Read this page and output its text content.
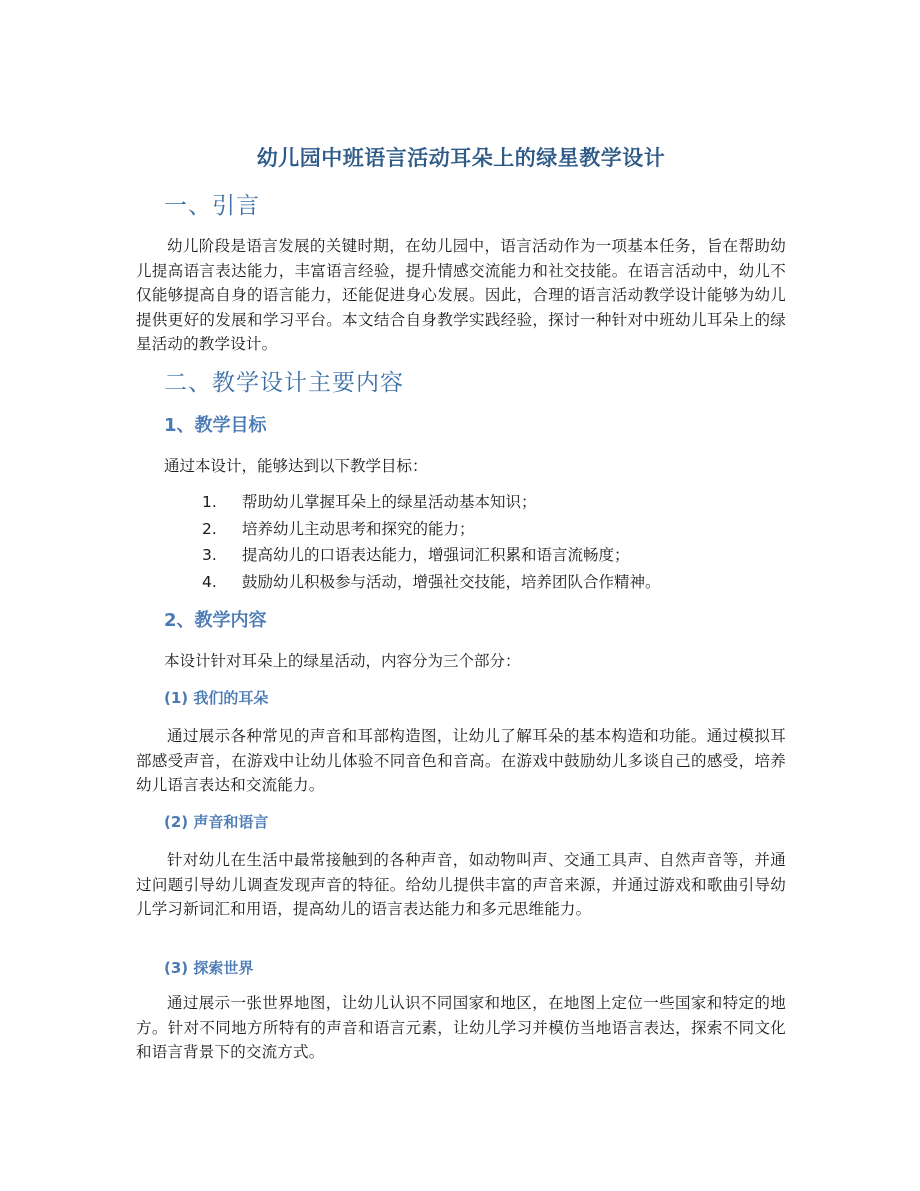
幼儿园中班语言活动耳朵上的绿星教学设计
一、引言

幼儿阶段是语言发展的关键时期，在幼儿园中，语言活动作为一项基本任务，旨在帮助幼儿提高语言表达能力，丰富语言经验，提升情感交流能力和社交技能。在语言活动中，幼儿不仅能够提高自身的语言能力，还能促进身心发展。因此，合理的语言活动教学设计能够为幼儿提供更好的发展和学习平台。本文结合自身教学实践经验，探讨一种针对中班幼儿耳朵上的绿星活动的教学设计。

二、教学设计主要内容
1、教学目标

通过本设计，能够达到以下教学目标：

1.	帮助幼儿掌握耳朵上的绿星活动基本知识；
2.	培养幼儿主动思考和探究的能力；
3.	提高幼儿的口语表达能力，增强词汇积累和语言流畅度；
4.	鼓励幼儿积极参与活动，增强社交技能，培养团队合作精神。
2、教学内容

本设计针对耳朵上的绿星活动，内容分为三个部分：

(1) 我们的耳朵

通过展示各种常见的声音和耳部构造图，让幼儿了解耳朵的基本构造和功能。通过模拟耳部感受声音，在游戏中让幼儿体验不同音色和音高。在游戏中鼓励幼儿多谈自己的感受，培养幼儿语言表达和交流能力。

(2) 声音和语言

针对幼儿在生活中最常接触到的各种声音，如动物叫声、交通工具声、自然声音等，并通过问题引导幼儿调查发现声音的特征。给幼儿提供丰富的声音来源，并通过游戏和歌曲引导幼儿学习新词汇和用语，提高幼儿的语言表达能力和多元思维能力。

(3) 探索世界

通过展示一张世界地图，让幼儿认识不同国家和地区，在地图上定位一些国家和特定的地方。针对不同地方所特有的声音和语言元素，让幼儿学习并模仿当地语言表达，探索不同文化和语言背景下的交流方式。
